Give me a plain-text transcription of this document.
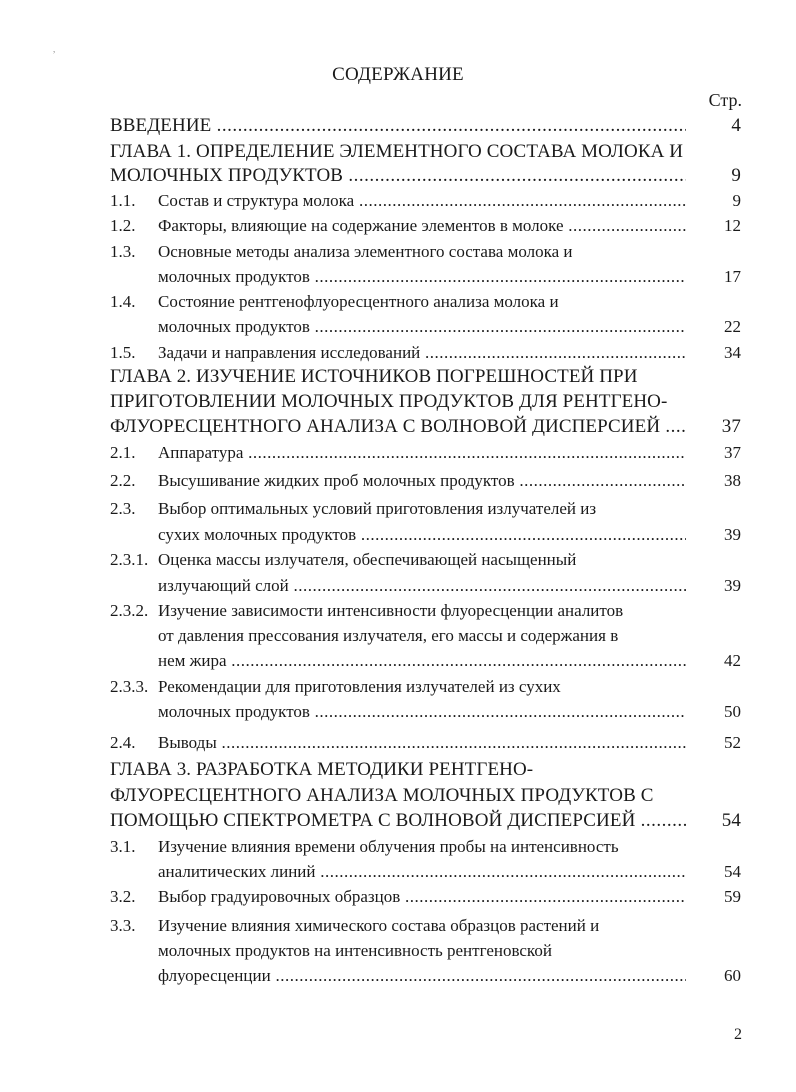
,
СОДЕРЖАНИЕ
Стр.
ВВЕДЕНИЕ .....	4
ГЛАВА 1. ОПРЕДЕЛЕНИЕ ЭЛЕМЕНТНОГО СОСТАВА МОЛОКА И
МОЛОЧНЫХ ПРОДУКТОВ .....	9
1.1. Состав и структура молока .....	9
1.2. Факторы, влияющие на содержание элементов в молоке .....	12
1.3. Основные методы анализа элементного состава молока и
молочных продуктов .....	17
1.4. Состояние рентгенофлуоресцентного анализа молока и
молочных продуктов .....	22
1.5. Задачи и направления исследований .....	34
ГЛАВА 2. ИЗУЧЕНИЕ ИСТОЧНИКОВ ПОГРЕШНОСТЕЙ ПРИ
ПРИГОТОВЛЕНИИ МОЛОЧНЫХ ПРОДУКТОВ ДЛЯ РЕНТГЕНО-
ФЛУОРЕСЦЕНТНОГО АНАЛИЗА С ВОЛНОВОЙ ДИСПЕРСИЕЙ .....	37
2.1. Аппаратура .....	37
2.2. Высушивание жидких проб молочных продуктов .....	38
2.3. Выбор оптимальных условий приготовления излучателей из
сухих молочных продуктов .....	39
2.3.1. Оценка массы излучателя, обеспечивающей насыщенный
излучающий слой .....	39
2.3.2. Изучение зависимости интенсивности флуоресценции аналитов
от давления прессования излучателя, его массы и содержания в
нем жира .....	42
2.3.3. Рекомендации для приготовления излучателей из сухих
молочных продуктов .....	50
2.4. Выводы .....	52
ГЛАВА 3. РАЗРАБОТКА МЕТОДИКИ РЕНТГЕНО-
ФЛУОРЕСЦЕНТНОГО АНАЛИЗА МОЛОЧНЫХ ПРОДУКТОВ С
ПОМОЩЬЮ СПЕКТРОМЕТРА С ВОЛНОВОЙ ДИСПЕРСИЕЙ .....	54
3.1. Изучение влияния времени облучения пробы на интенсивность
аналитических линий .....	54
3.2. Выбор градуировочных образцов .....	59
3.3. Изучение влияния химического состава образцов растений и
молочных продуктов на интенсивность рентгеновской
флуоресценции .....	60
2
